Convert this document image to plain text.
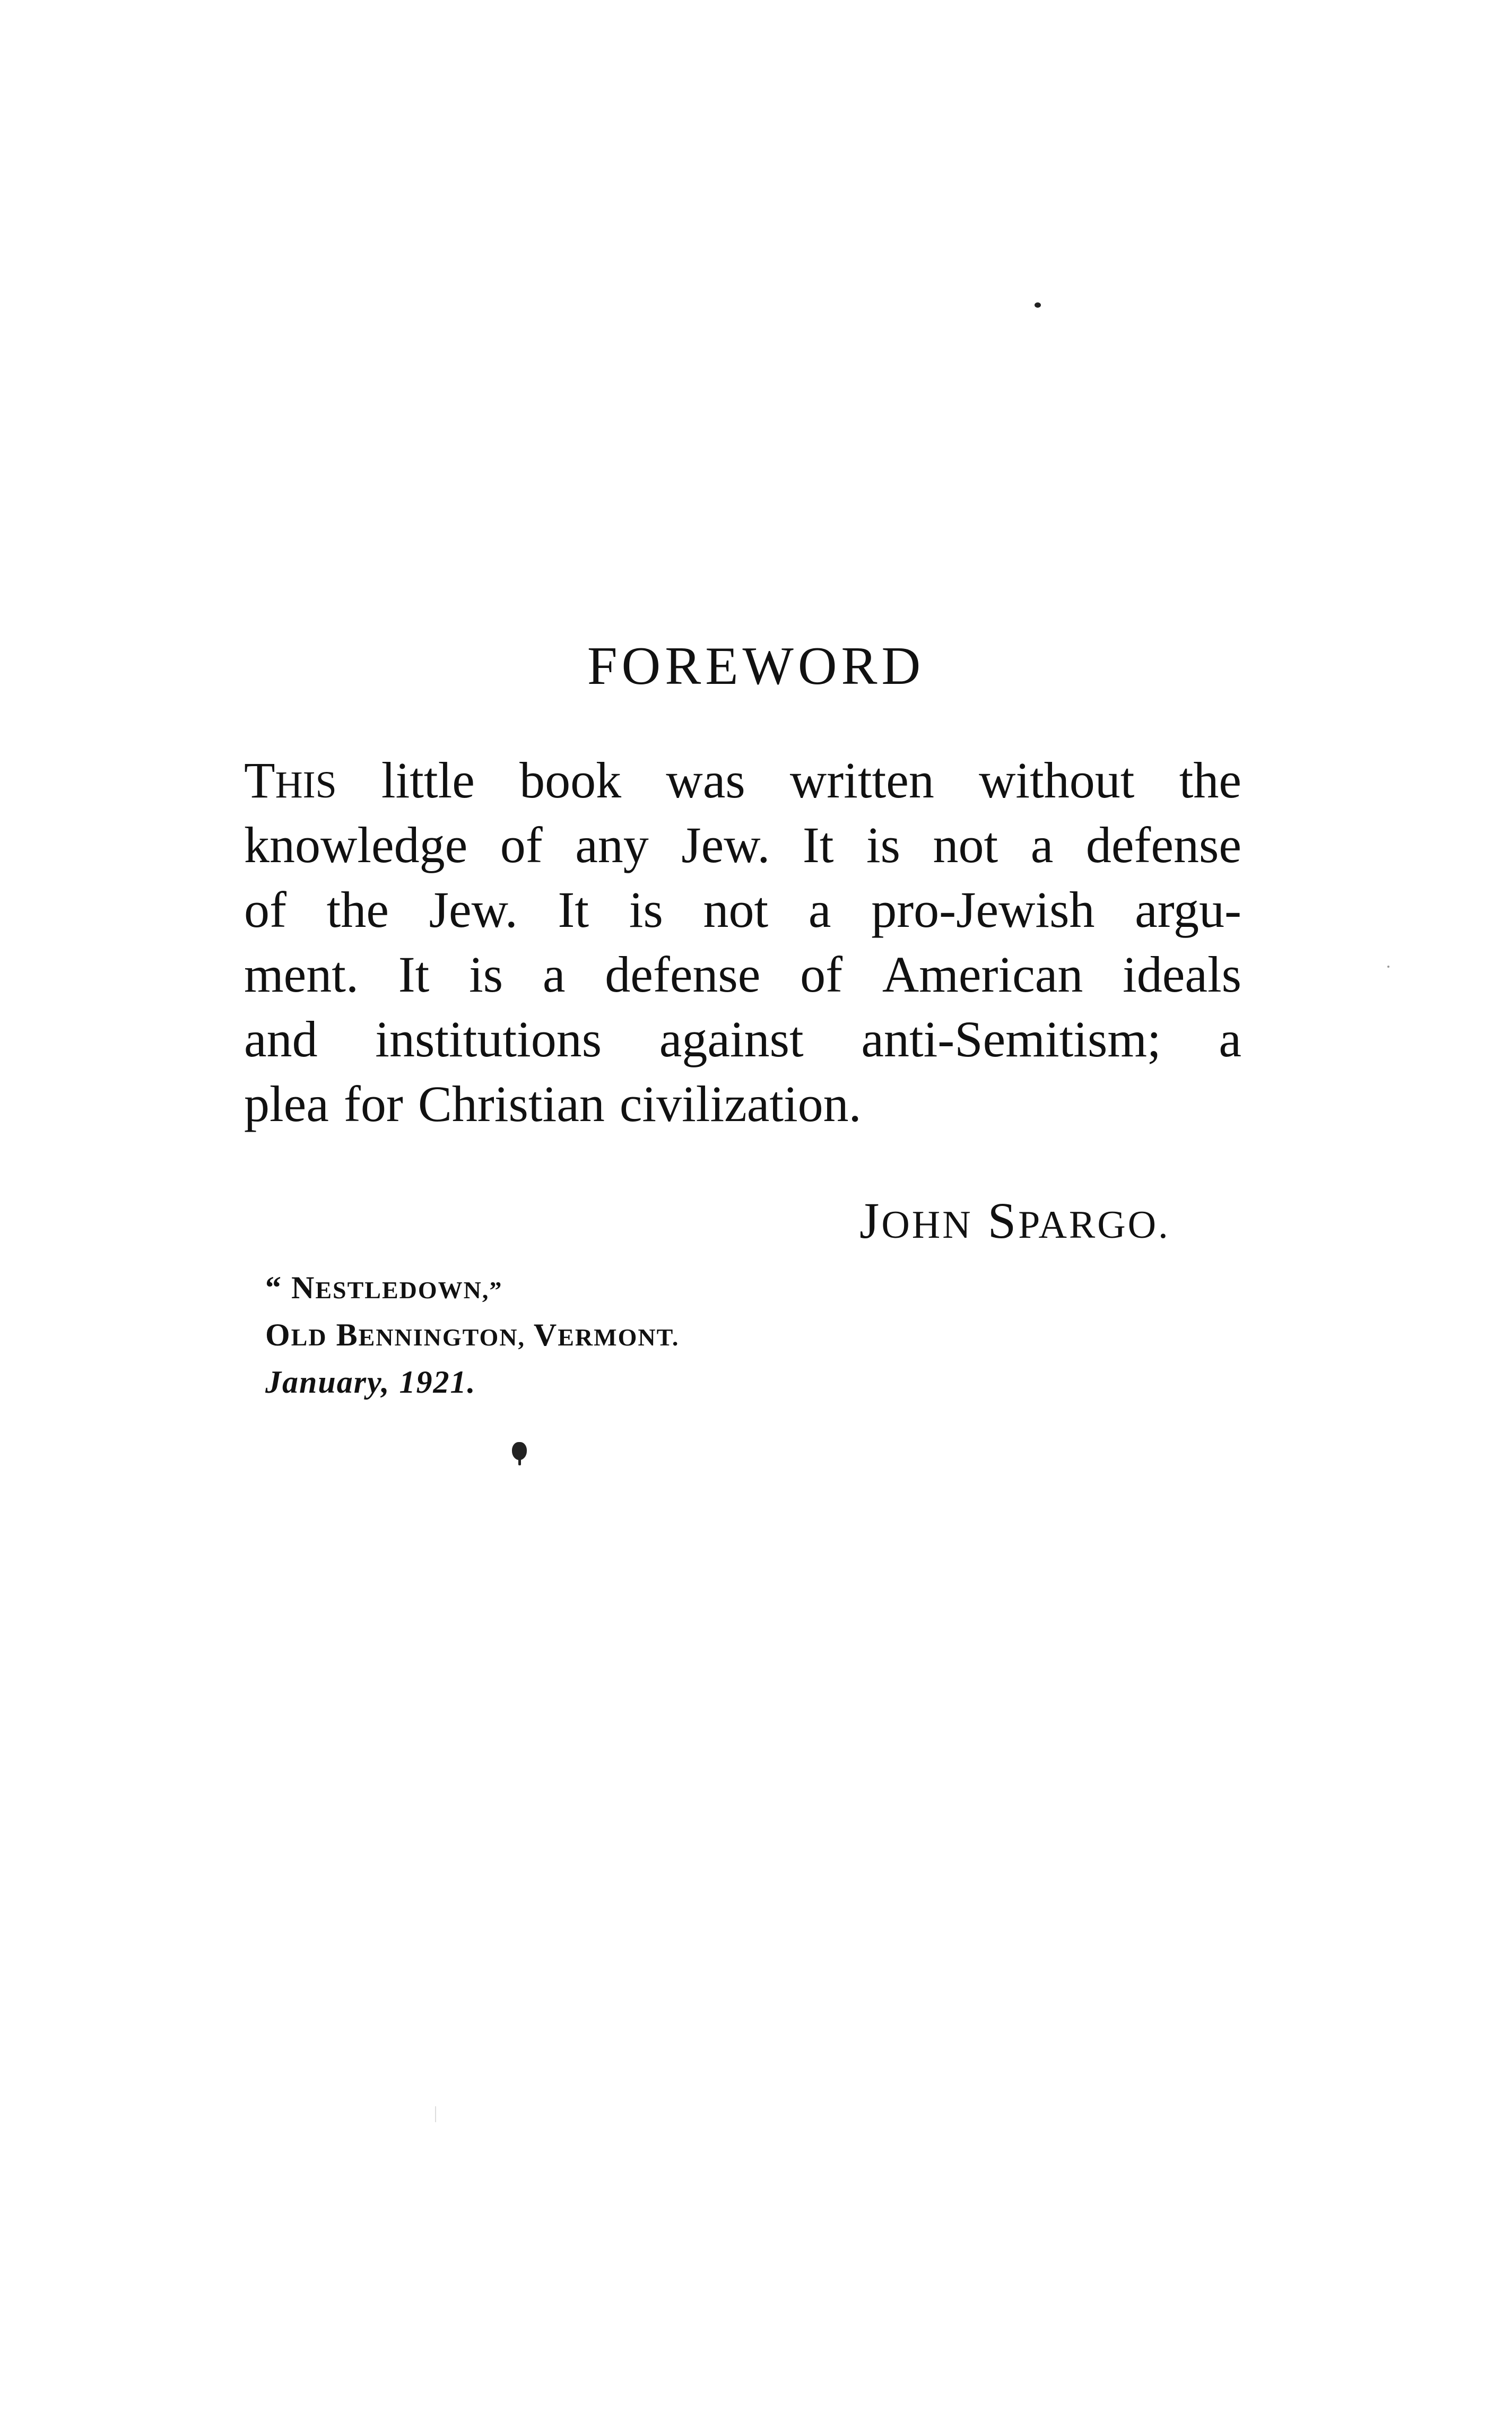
FOREWORD
THIS little book was written without the
knowledge of any Jew. It is not a defense
of the Jew. It is not a pro-Jewish argu-
ment. It is a defense of American ideals
and institutions against anti-Semitism; a
plea for Christian civilization.
JOHN SPARGO.
“ NESTLEDOWN,”
OLD BENNINGTON, VERMONT.
January, 1921.
